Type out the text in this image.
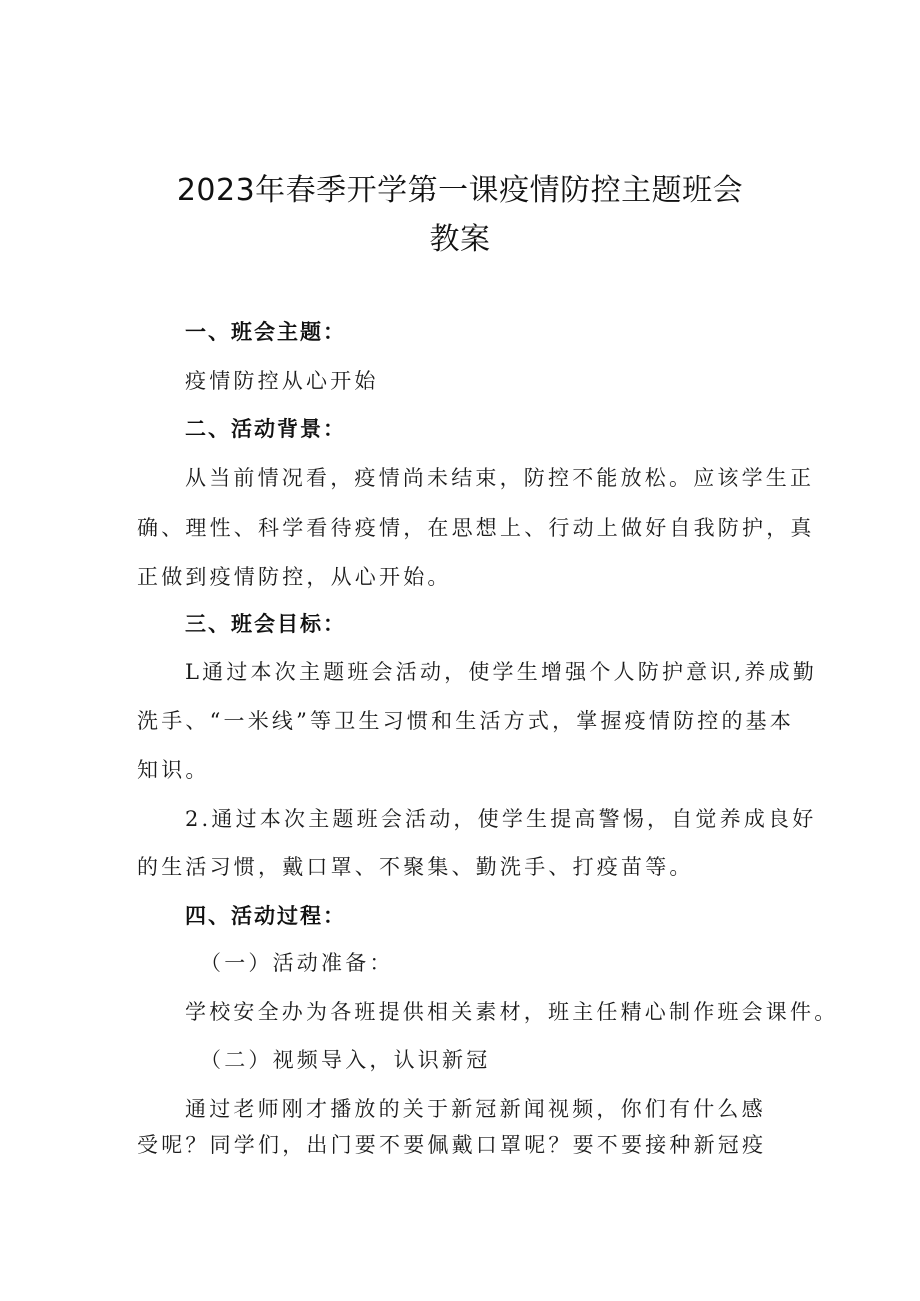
2023年春季开学第一课疫情防控主题班会
教案
一、班会主题：
疫情防控从心开始
二、活动背景：
从当前情况看，疫情尚未结束，防控不能放松。应该学生正
确、理性、科学看待疫情，在思想上、行动上做好自我防护，真
正做到疫情防控，从心开始。
三、班会目标：
L通过本次主题班会活动，使学生增强个人防护意识,养成勤
洗手、“一米线”等卫生习惯和生活方式，掌握疫情防控的基本
知识。
2.通过本次主题班会活动，使学生提高警惕，自觉养成良好
的生活习惯，戴口罩、不聚集、勤洗手、打疫苗等。
四、活动过程：
（一）活动准备：
学校安全办为各班提供相关素材，班主任精心制作班会课件。
（二）视频导入，认识新冠
通过老师刚才播放的关于新冠新闻视频，你们有什么感
受呢？同学们，出门要不要佩戴口罩呢？要不要接种新冠疫
